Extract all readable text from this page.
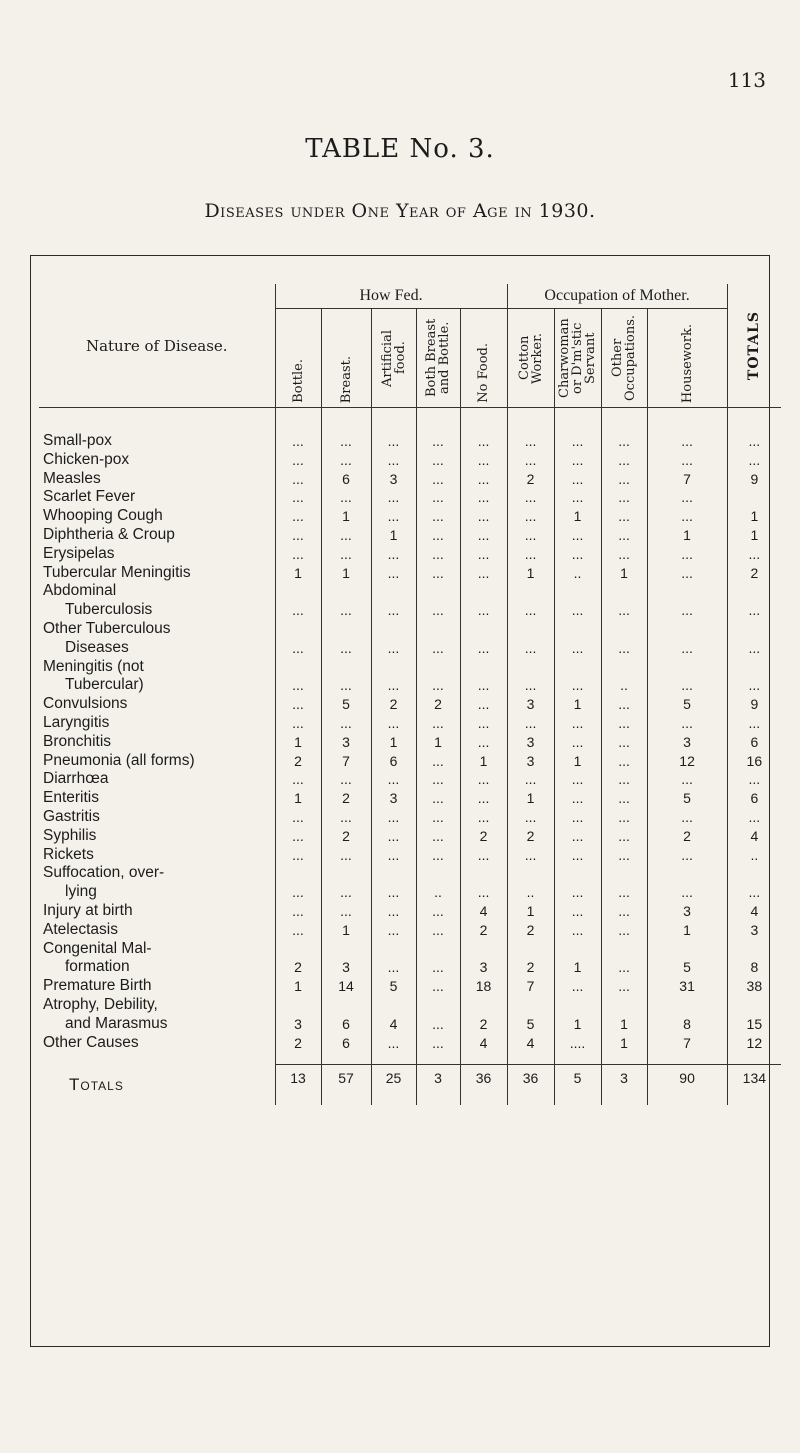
113
TABLE No. 3.
Diseases under One Year of Age in 1930.
Nature of Disease.	How Fed.					Occupation of Mother.				TOTALS

	Bottle.	Breast.	Artificial food.	Both Breast and Bottle.	No Food.	Cotton Worker.	Charwoman or D'm'stic Servant	Other Occupations.	Housework.	

Small-pox	...	...	...	...	...	...	...	...	...	...
Chicken-pox	...	...	...	...	...	...	...	...	...	...
Measles	...	6	3	...	...	2	...	...	7	9
Scarlet Fever	...	...	...	...	...	...	...	...	...	
Whooping Cough	...	1	...	...	...	...	1	...	...	1
Diphtheria & Croup	...	...	1	...	...	...	...	...	1	1
Erysipelas	...	...	...	...	...	...	...	...	...	...
Tubercular Meningitis	1	1	...	...	...	1	..	1	...	2
Abdominal										
Tuberculosis	...	...	...	...	...	...	...	...	...	...
Other Tuberculous										
Diseases	...	...	...	...	...	...	...	...	...	...
Meningitis (not										
Tubercular)	...	...	...	...	...	...	...	..	...	...
Convulsions	...	5	2	2	...	3	1	...	5	9
Laryngitis	...	...	...	...	...	...	...	...	...	...
Bronchitis	1	3	1	1	...	3	...	...	3	6
Pneumonia (all forms)	2	7	6	...	1	3	1	...	12	16
Diarrhœa	...	...	...	...	...	...	...	...	...	...
Enteritis	1	2	3	...	...	1	...	...	5	6
Gastritis	...	...	...	...	...	...	...	...	...	...
Syphilis	...	2	...	...	2	2	...	...	2	4
Rickets	...	...	...	...	...	...	...	...	...	..
Suffocation, over-										
lying	...	...	...	..	...	..	...	...	...	...
Injury at birth	...	...	...	...	4	1	...	...	3	4
Atelectasis	...	1	...	...	2	2	...	...	1	3
Congenital Mal-										
formation	2	3	...	...	3	2	1	...	5	8
Premature Birth	1	14	5	...	18	7	...	...	31	38
Atrophy, Debility,										
and Marasmus	3	6	4	...	2	5	1	1	8	15
Other Causes	2	6	...	...	4	4	....	1	7	12

Totals	13	57	25	3	36	36	5	3	90	134
